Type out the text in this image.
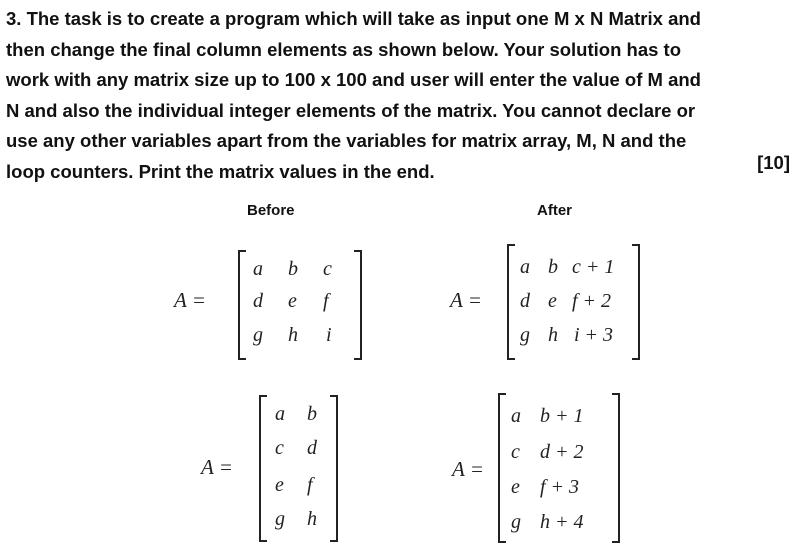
3. The task is to create a program which will take as input one M x N Matrix and
then change the final column elements as shown below. Your solution has to
work with any matrix size up to 100 x 100 and user will enter the value of M and
N and also the individual integer elements of the matrix. You cannot declare or
use any other variables apart from the variables for matrix array, M, N and the
loop counters. Print the matrix values in the end.	[10]
Before	After
A =
a b c
d e f
g h i
A =
a b c + 1
d e f + 2
g h i + 3
A =
a b
c d
e f
g h
A =
a b + 1
c d + 2
e f + 3
g h + 4
